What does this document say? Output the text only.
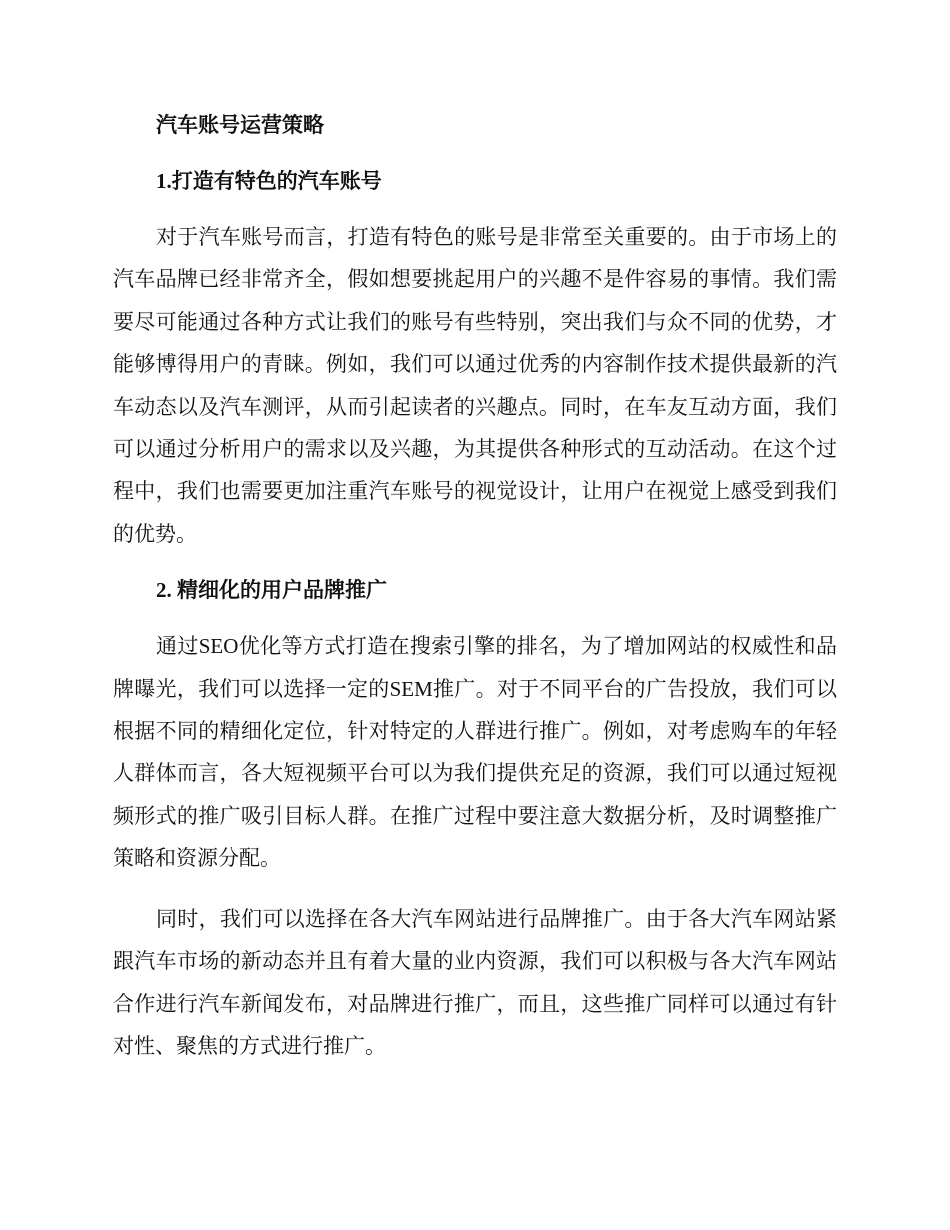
汽车账号运营策略

1.打造有特色的汽车账号

对于汽车账号而言，打造有特色的账号是非常至关重要的。由于市场上的汽车品牌已经非常齐全，假如想要挑起用户的兴趣不是件容易的事情。我们需要尽可能通过各种方式让我们的账号有些特别，突出我们与众不同的优势，才能够博得用户的青睐。例如，我们可以通过优秀的内容制作技术提供最新的汽车动态以及汽车测评，从而引起读者的兴趣点。同时，在车友互动方面，我们可以通过分析用户的需求以及兴趣，为其提供各种形式的互动活动。在这个过程中，我们也需要更加注重汽车账号的视觉设计，让用户在视觉上感受到我们的优势。

2. 精细化的用户品牌推广

通过SEO优化等方式打造在搜索引擎的排名，为了增加网站的权威性和品牌曝光，我们可以选择一定的SEM推广。对于不同平台的广告投放，我们可以根据不同的精细化定位，针对特定的人群进行推广。例如，对考虑购车的年轻人群体而言，各大短视频平台可以为我们提供充足的资源，我们可以通过短视频形式的推广吸引目标人群。在推广过程中要注意大数据分析，及时调整推广策略和资源分配。

同时，我们可以选择在各大汽车网站进行品牌推广。由于各大汽车网站紧跟汽车市场的新动态并且有着大量的业内资源，我们可以积极与各大汽车网站合作进行汽车新闻发布，对品牌进行推广，而且，这些推广同样可以通过有针对性、聚焦的方式进行推广。
